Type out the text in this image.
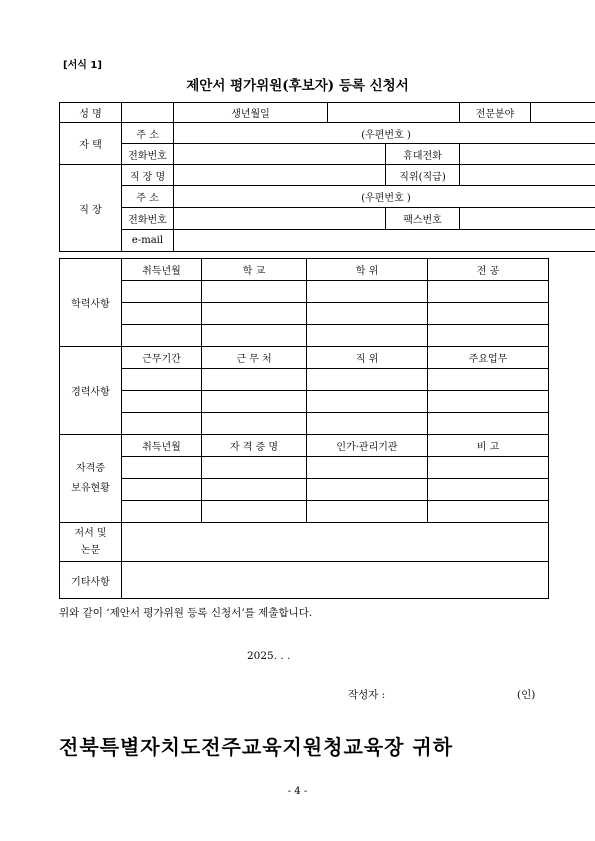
[서식 1]
제안서 평가위원(후보자) 등록 신청서
성 명		생년월일			전문분야	
자 택	주 소	(우편번호 )				
	전화번호			휴대전화		
직 장	직 장 명			직위(직급)		
	주 소	(우편번호 )				
	전화번호			팩스번호		
	e-mail					
학력사항	취득년월	학 교	학 위	전 공

경력사항	근무기간	근 무 처	직 위	주요업무

자격증
보유현황	취득년월	자 격 증 명	인가·관리기관	비 고

저서 및
논문				
기타사항				
위와 같이 ‘제안서 평가위원 등록 신청서’를 제출합니다.
2025. . .
작성자 :	(인)
전북특별자치도전주교육지원청교육장 귀하
- 4 -
